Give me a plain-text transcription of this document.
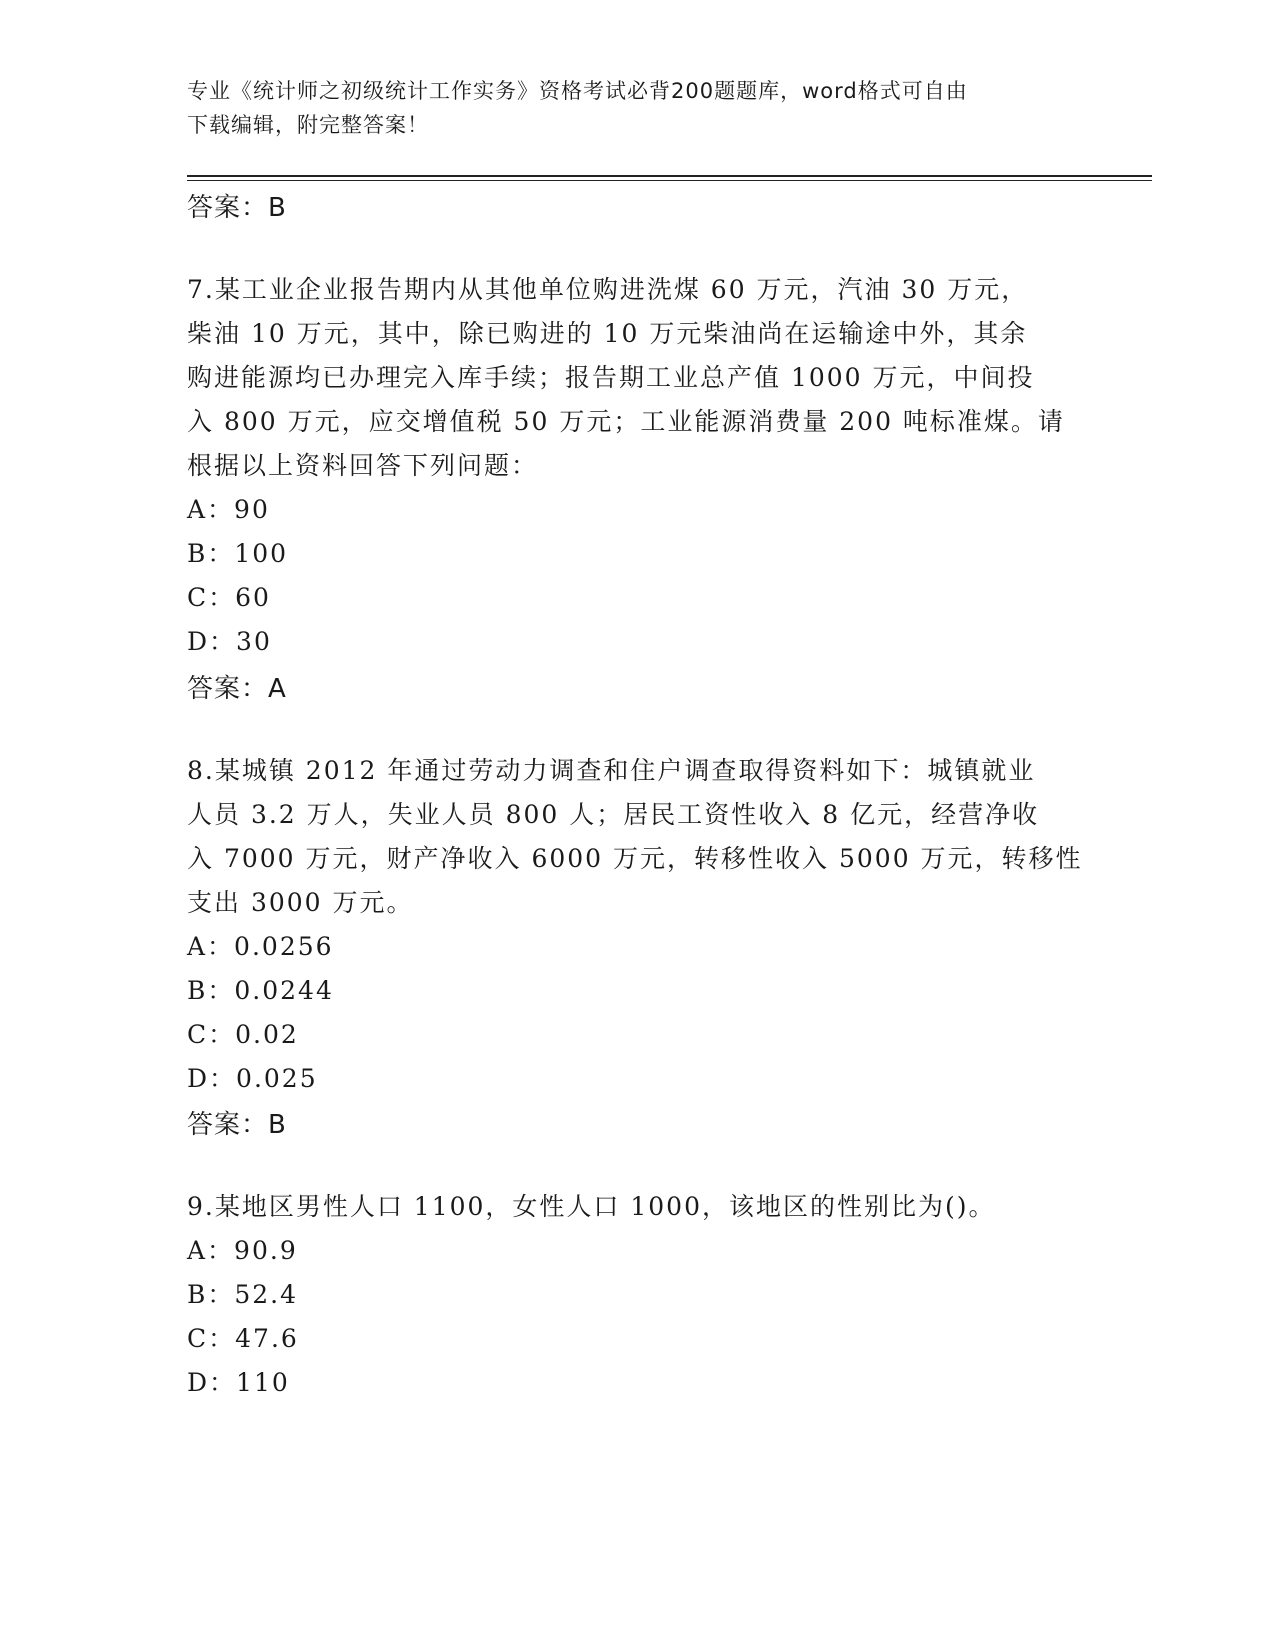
专业《统计师之初级统计工作实务》资格考试必背200题题库，word格式可自由
下载编辑，附完整答案！
答案：B
7.某工业企业报告期内从其他单位购进洗煤 60 万元，汽油 30 万元，
柴油 10 万元，其中，除已购进的 10 万元柴油尚在运输途中外，其余
购进能源均已办理完入库手续；报告期工业总产值 1000 万元，中间投
入 800 万元，应交增值税 50 万元；工业能源消费量 200 吨标准煤。请
根据以上资料回答下列问题：
A：90
B：100
C：60
D：30
答案：A
8.某城镇 2012 年通过劳动力调查和住户调查取得资料如下：城镇就业
人员 3.2 万人，失业人员 800 人；居民工资性收入 8 亿元，经营净收
入 7000 万元，财产净收入 6000 万元，转移性收入 5000 万元，转移性
支出 3000 万元。
A：0.0256
B：0.0244
C：0.02
D：0.025
答案：B
9.某地区男性人口 1100，女性人口 1000，该地区的性别比为()。
A：90.9
B：52.4
C：47.6
D：110
